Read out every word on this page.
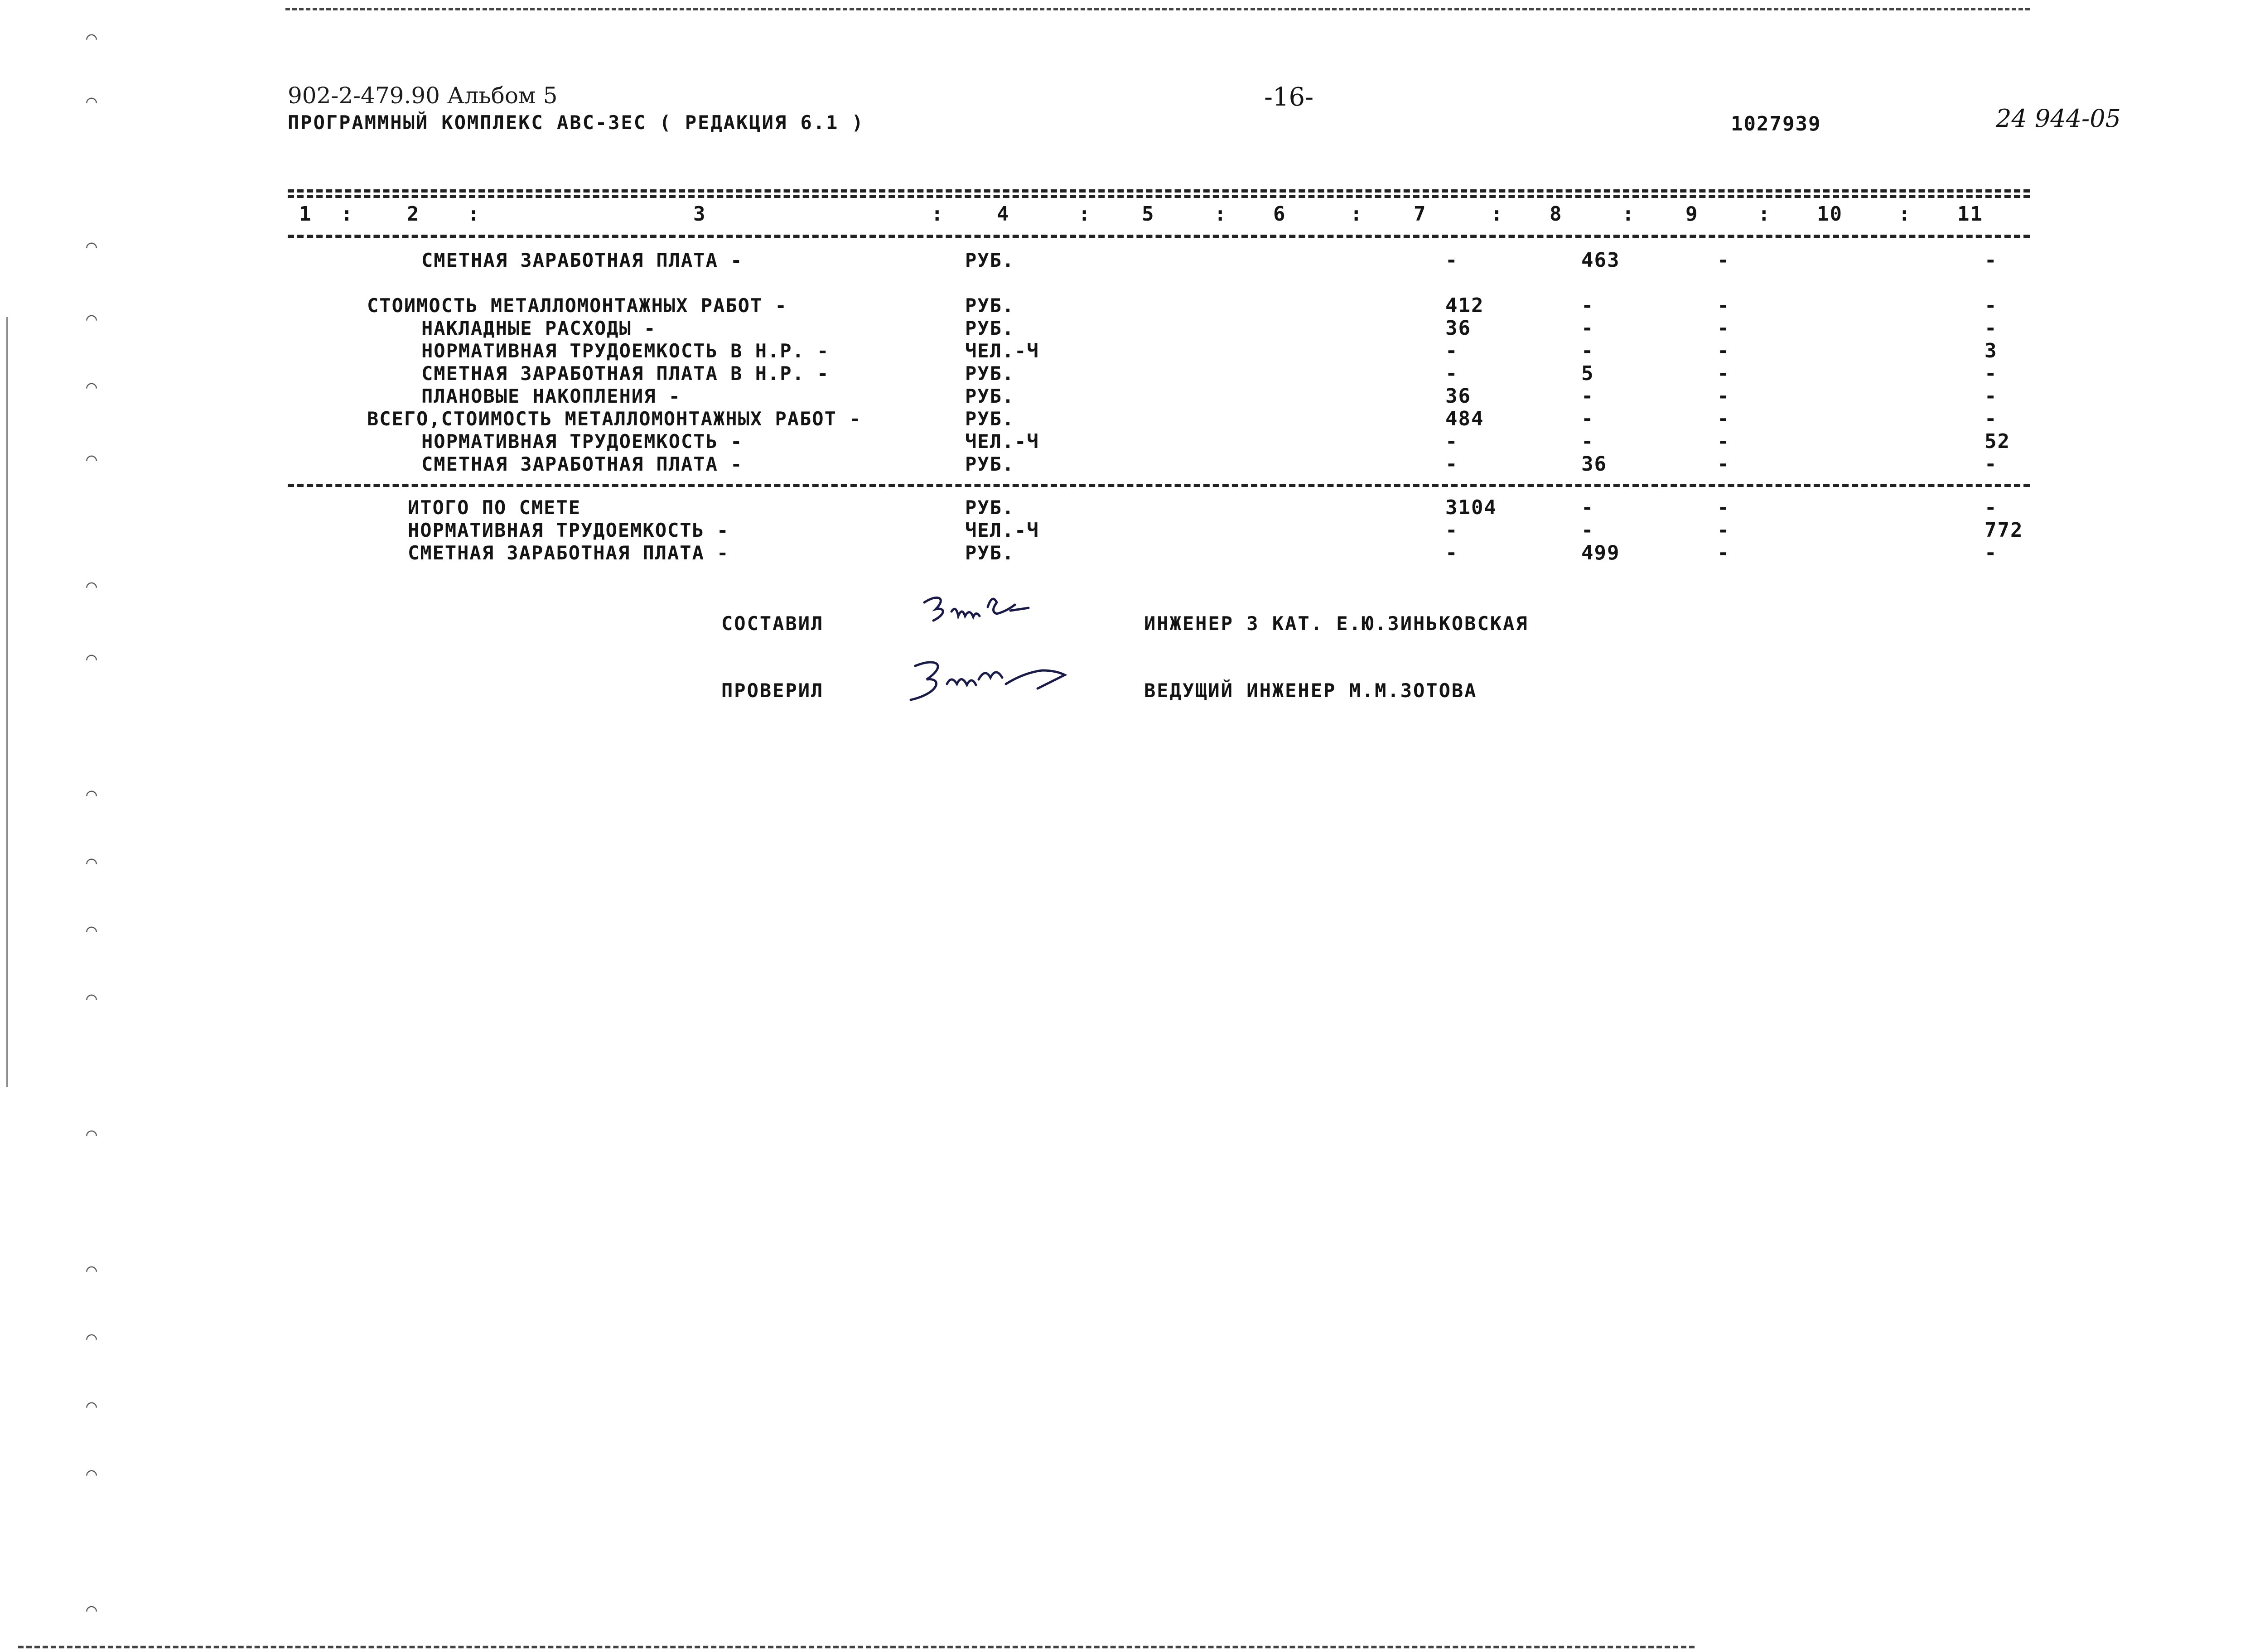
902-2-479.90 Альбом 5
ПРОГРАММНЫЙ КОМПЛЕКС АВС-3ЕС ( РЕДАКЦИЯ 6.1 )
-16-
1027939	24 944-05
1 :	2 :	3	:	4	:	5	: 6	:	7	: 8	:	9	: 10	: 11
СМЕТНАЯ ЗАРАБОТНАЯ ПЛАТА -	РУБ.	-	463	-	-
СТОИМОСТЬ МЕТАЛЛОМОНТАЖНЫХ РАБОТ -	РУБ.	412	-	-	-
НАКЛАДНЫЕ РАСХОДЫ -	РУБ.	36	-	-	-
НОРМАТИВНАЯ ТРУДОЕМКОСТЬ В Н.Р. -	ЧЕЛ.-Ч	-	-	-	3
СМЕТНАЯ ЗАРАБОТНАЯ ПЛАТА В Н.Р. -	РУБ.	-	5	-	-
ПЛАНОВЫЕ НАКОПЛЕНИЯ -	РУБ.	36	-	-	-
ВСЕГО,СТОИМОСТЬ МЕТАЛЛОМОНТАЖНЫХ РАБОТ -	РУБ.	484	-	-	-
НОРМАТИВНАЯ ТРУДОЕМКОСТЬ -	ЧЕЛ.-Ч	-	-	-	52
СМЕТНАЯ ЗАРАБОТНАЯ ПЛАТА -	РУБ.	-	36	-	-
ИТОГО ПО СМЕТЕ	РУБ.	3104	-	-	-
НОРМАТИВНАЯ ТРУДОЕМКОСТЬ -	ЧЕЛ.-Ч	-	-	-	772
СМЕТНАЯ ЗАРАБОТНАЯ ПЛАТА -	РУБ.	-	499	-	-
СОСТАВИЛ	ИНЖЕНЕР 3 КАТ. Е.Ю.ЗИНЬКОВСКАЯ
ПРОВЕРИЛ	ВЕДУЩИЙ ИНЖЕНЕР М.М.ЗОТОВА
⌒
⌒
⌒
⌒
⌒
⌒
⌒
⌒
⌒
⌒
⌒
⌒
⌒
⌒
⌒
⌒
⌒
⌒
